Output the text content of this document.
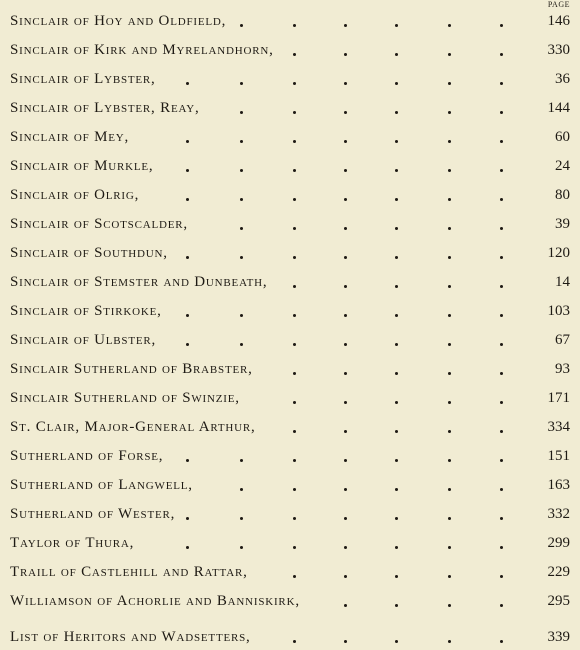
PAGE
Sinclair of Hoy and Oldfield,	146
Sinclair of Kirk and Myrelandhorn,	330
Sinclair of Lybster,	36
Sinclair of Lybster, Reay,	144
Sinclair of Mey,	60
Sinclair of Murkle,	24
Sinclair of Olrig,	80
Sinclair of Scotscalder,	39
Sinclair of Southdun,	120
Sinclair of Stemster and Dunbeath,	14
Sinclair of Stirkoke,	103
Sinclair of Ulbster,	67
Sinclair Sutherland of Brabster,	93
Sinclair Sutherland of Swinzie,	171
St. Clair, Major-General Arthur,	334
Sutherland of Forse,	151
Sutherland of Langwell,	163
Sutherland of Wester,	332
Taylor of Thura,	299
Traill of Castlehill and Rattar,	229
Williamson of Achorlie and Banniskirk,	295
List of Heritors and Wadsetters,	339
